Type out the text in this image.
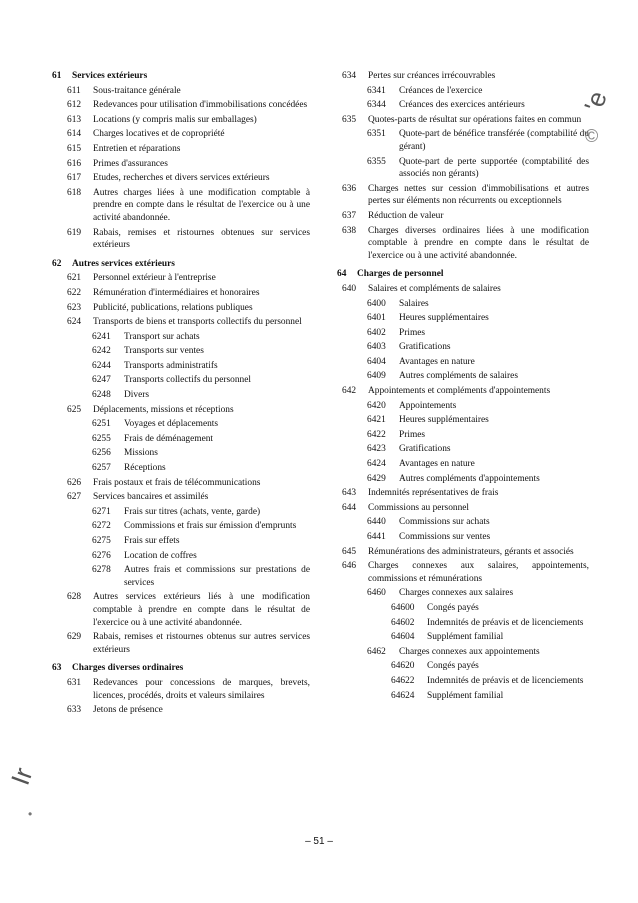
61	Services extérieurs
611	Sous-traitance générale
612	Redevances pour utilisation d'immobilisations concédées
613	Locations (y compris malis sur emballages)
614	Charges locatives et de copropriété
615	Entretien et réparations
616	Primes d'assurances
617	Etudes, recherches et divers services extérieurs
618	Autres charges liées à une modification comptable à prendre en compte dans le résultat de l'exercice ou à une activité abandonnée.
619	Rabais, remises et ristournes obtenues sur services extérieurs
62	Autres services extérieurs
621	Personnel extérieur à l'entreprise
622	Rémunération d'intermédiaires et honoraires
623	Publicité, publications, relations publiques
624	Transports de biens et transports collectifs du personnel
6241	Transport sur achats
6242	Transports sur ventes
6244	Transports administratifs
6247	Transports collectifs du personnel
6248	Divers
625	Déplacements, missions et réceptions
6251	Voyages et déplacements
6255	Frais de déménagement
6256	Missions
6257	Réceptions
626	Frais postaux et frais de télécommunications
627	Services bancaires et assimilés
6271	Frais sur titres (achats, vente, garde)
6272	Commissions et frais sur émission d'emprunts
6275	Frais sur effets
6276	Location de coffres
6278	Autres frais et commissions sur prestations de services
628	Autres services extérieurs liés à une modification comptable à prendre en compte dans le résultat de l'exercice ou à une activité abandonnée.
629	Rabais, remises et ristournes obtenus sur autres services extérieurs
63	Charges diverses ordinaires
631	Redevances pour concessions de marques, brevets, licences, procédés, droits et valeurs similaires
633	Jetons de présence
634	Pertes sur créances irrécouvrables
6341	Créances de l'exercice
6344	Créances des exercices antérieurs
635	Quotes-parts de résultat sur opérations faites en commun
6351	Quote-part de bénéfice transférée (comptabilité du gérant)
6355	Quote-part de perte supportée (comptabilité des associés non gérants)
636	Charges nettes sur cession d'immobilisations et autres pertes sur éléments non récurrents ou exceptionnels
637	Réduction de valeur
638	Charges diverses ordinaires liées à une modification comptable à prendre en compte dans le résultat de l'exercice ou à une activité abandonnée.
64	Charges de personnel
640	Salaires et compléments de salaires
6400	Salaires
6401	Heures supplémentaires
6402	Primes
6403	Gratifications
6404	Avantages en nature
6409	Autres compléments de salaires
642	Appointements et compléments d'appointements
6420	Appointements
6421	Heures supplémentaires
6422	Primes
6423	Gratifications
6424	Avantages en nature
6429	Autres compléments d'appointements
643	Indemnités représentatives de frais
644	Commissions au personnel
6440	Commissions sur achats
6441	Commissions sur ventes
645	Rémunérations des administrateurs, gérants et associés
646	Charges connexes aux salaires, appointements, commissions et rémunérations
6460	Charges connexes aux salaires
64600	Congés payés
64602	Indemnités de préavis et de licenciements
64604	Supplément familial
6462	Charges connexes aux appointements
64620	Congés payés
64622	Indemnités de préavis et de licenciements
64624	Supplément familial
– 51 –
'e
©
Ir
•
